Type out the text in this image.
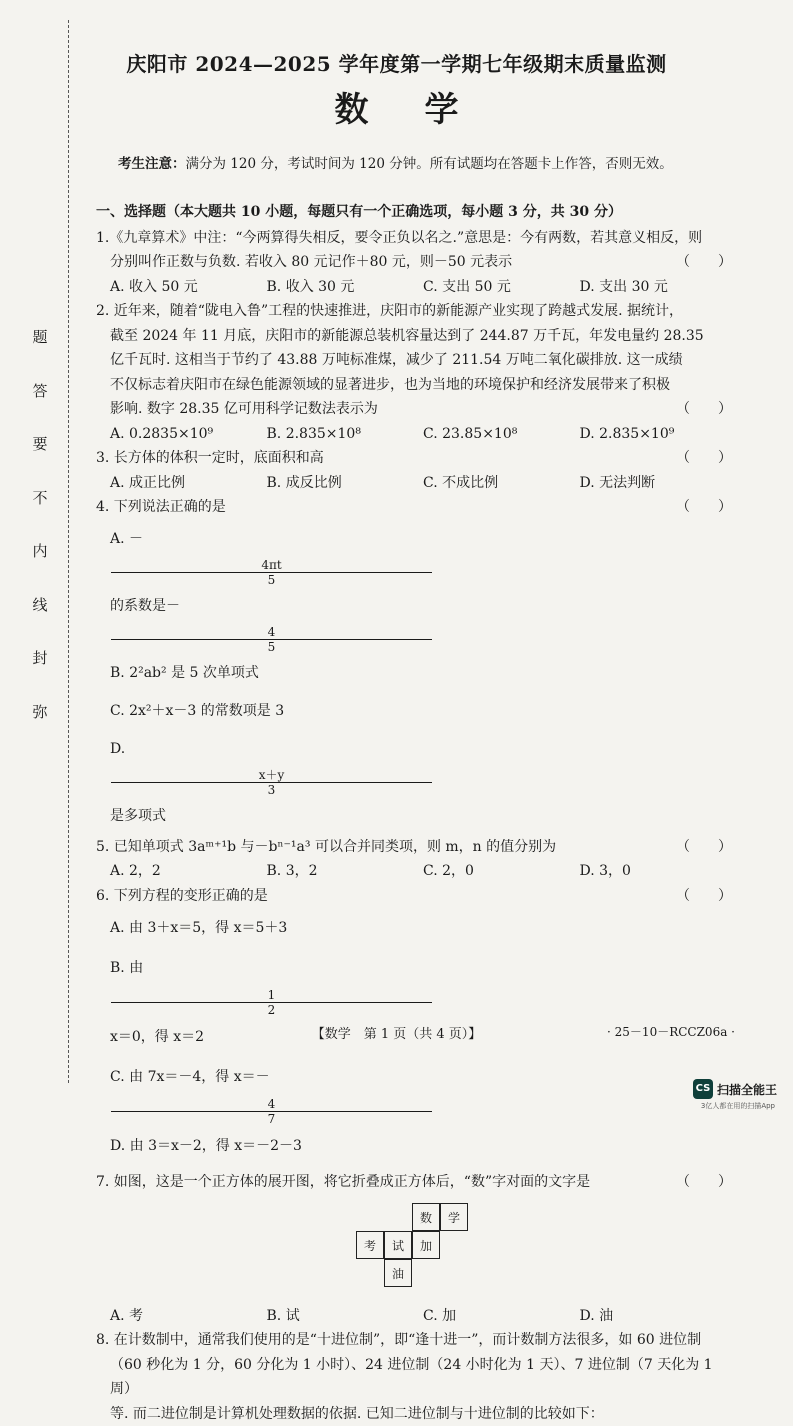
题
答
要
不
内
线
封
弥
庆阳市 2024—2025 学年度第一学期七年级期末质量监测
数学
考生注意：满分为 120 分，考试时间为 120 分钟。所有试题均在答题卡上作答，否则无效。
一、选择题（本大题共 10 小题，每题只有一个正确选项，每小题 3 分，共 30 分）

1.《九章算术》中注：“今两算得失相反，要令正负以名之.”意思是：今有两数，若其意义相反，则

分别叫作正数与负数. 若收入 80 元记作＋80 元，则－50 元表示	（　　）

A. 收入 50 元	B. 收入 30 元	C. 支出 50 元	D. 支出 30 元

2. 近年来，随着“陇电入鲁”工程的快速推进，庆阳市的新能源产业实现了跨越式发展. 据统计，

截至 2024 年 11 月底，庆阳市的新能源总装机容量达到了 244.87 万千瓦，年发电量约 28.35

亿千瓦时. 这相当于节约了 43.88 万吨标准煤，减少了 211.54 万吨二氧化碳排放. 这一成绩

不仅标志着庆阳市在绿色能源领域的显著进步，也为当地的环境保护和经济发展带来了积极

影响. 数字 28.35 亿可用科学记数法表示为	（　　）

A. 0.2835×10⁹	B. 2.835×10⁸	C. 23.85×10⁸	D. 2.835×10⁹

3. 长方体的体积一定时，底面积和高	（　　）

A. 成正比例	B. 成反比例	C. 不成比例	D. 无法判断

4. 下列说法正确的是	（　　）

A. －
4πt
5
的系数是－
4
5
B. 2²ab² 是 5 次单项式
C. 2x²＋x－3 的常数项是 3
D.
x＋y
3
是多项式

5. 已知单项式 3aᵐ⁺¹b 与－bⁿ⁻¹a³ 可以合并同类项，则 m，n 的值分别为	（　　）

A. 2，2	B. 3，2	C. 2，0	D. 3，0

6. 下列方程的变形正确的是	（　　）

A. 由 3＋x＝5，得 x＝5＋3
B. 由
1
2
x＝0，得 x＝2
C. 由 7x＝－4，得 x＝－
4
7
D. 由 3＝x－2，得 x＝－2－3

7. 如图，这是一个正方体的展开图，将它折叠成正方体后，“数”字对面的文字是	（　　）

数	学
考	试	加
油
A. 考	B. 试	C. 加	D. 油

8. 在计数制中，通常我们使用的是“十进位制”，即“逢十进一”，而计数制方法很多，如 60 进位制

（60 秒化为 1 分，60 分化为 1 小时）、24 进位制（24 小时化为 1 天）、7 进位制（7 天化为 1 周）

等. 而二进位制是计算机处理数据的依据. 已知二进位制与十进位制的比较如下：

【数学　第 1 页（共 4 页）】	· 25－10－RCCZ06a ·
CS 扫描全能王
3亿人都在用的扫描App
